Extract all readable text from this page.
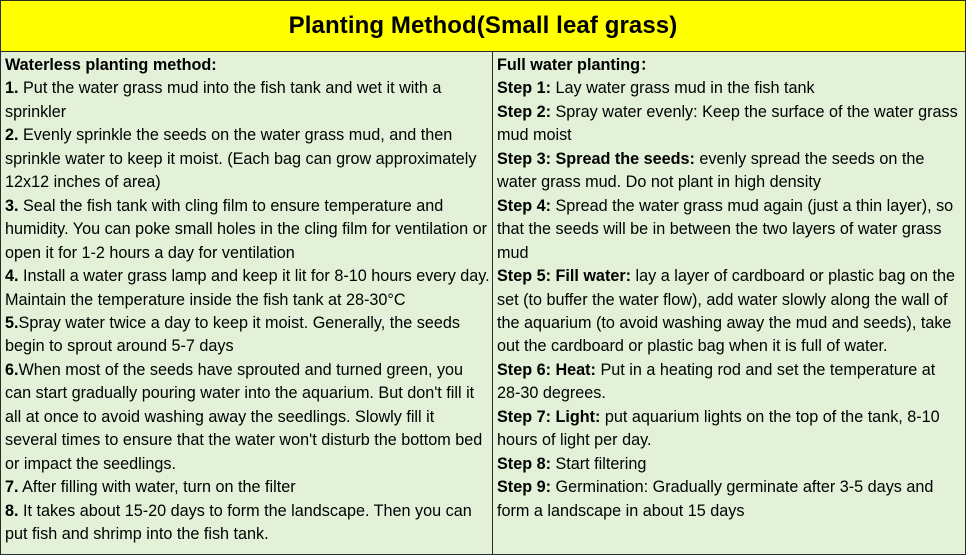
Planting Method(Small leaf grass)

Waterless planting method:

1. Put the water grass mud into the fish tank and wet it with a sprinkler

2. Evenly sprinkle the seeds on the water grass mud, and then sprinkle water to keep it moist. (Each bag can grow approximately 12x12 inches of area)

3. Seal the fish tank with cling film to ensure temperature and humidity. You can poke small holes in the cling film for ventilation or open it for 1-2 hours a day for ventilation

4. Install a water grass lamp and keep it lit for 8-10 hours every day. Maintain the temperature inside the fish tank at 28-30°C

5.Spray water twice a day to keep it moist. Generally, the seeds begin to sprout around 5-7 days

6.When most of the seeds have sprouted and turned green, you can start gradually pouring water into the aquarium. But don't fill it all at once to avoid washing away the seedlings. Slowly fill it several times to ensure that the water won't disturb the bottom bed or impact the seedlings.

7. After filling with water, turn on the filter

8. It takes about 15-20 days to form the landscape. Then you can put fish and shrimp into the fish tank.

Full water planting：

Step 1: Lay water grass mud in the fish tank

Step 2: Spray water evenly: Keep the surface of the water grass mud moist

Step 3: Spread the seeds: evenly spread the seeds on the water grass mud. Do not plant in high density

Step 4: Spread the water grass mud again (just a thin layer), so that the seeds will be in between the two layers of water grass mud

Step 5: Fill water: lay a layer of cardboard or plastic bag on the set (to buffer the water flow), add water slowly along the wall of the aquarium (to avoid washing away the mud and seeds), take out the cardboard or plastic bag when it is full of water.

Step 6: Heat: Put in a heating rod and set the temperature at 28-30 degrees.

Step 7: Light: put aquarium lights on the top of the tank, 8-10 hours of light per day.

Step 8: Start filtering

Step 9: Germination: Gradually germinate after 3-5 days and form a landscape in about 15 days
